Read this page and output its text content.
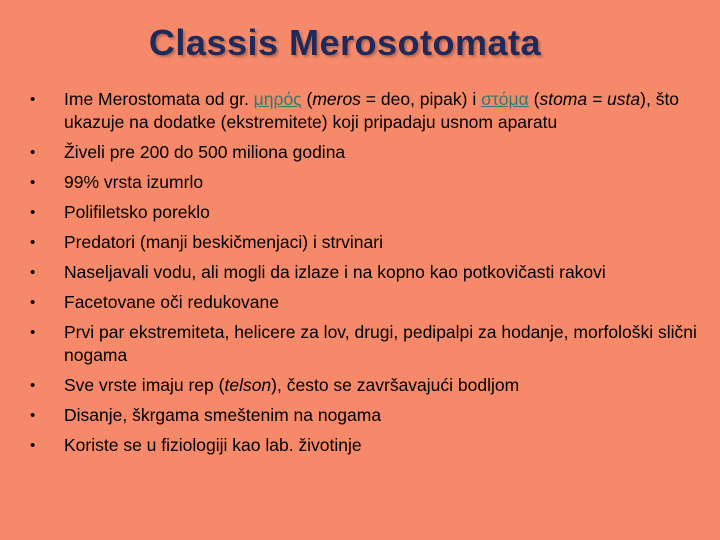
Classis Merosotomata
• Ime Merostomata od gr. μηρός (meros = deo, pipak) i στόμα (stoma = usta), što ukazuje na dodatke (ekstremitete) koji pripadaju usnom aparatu
• Živeli pre 200 do 500 miliona godina
• 99% vrsta izumrlo
• Polifiletsko poreklo
• Predatori (manji beskičmenjaci) i strvinari
• Naseljavali vodu, ali mogli da izlaze i na kopno kao potkovičasti rakovi
• Facetovane oči redukovane
• Prvi par ekstremiteta, helicere za lov, drugi, pedipalpi za hodanje, morfološki slični nogama
• Sve vrste imaju rep (telson), često se završavajući bodljom
• Disanje, škrgama smeštenim na nogama
• Koriste se u fiziologiji kao lab. životinje
